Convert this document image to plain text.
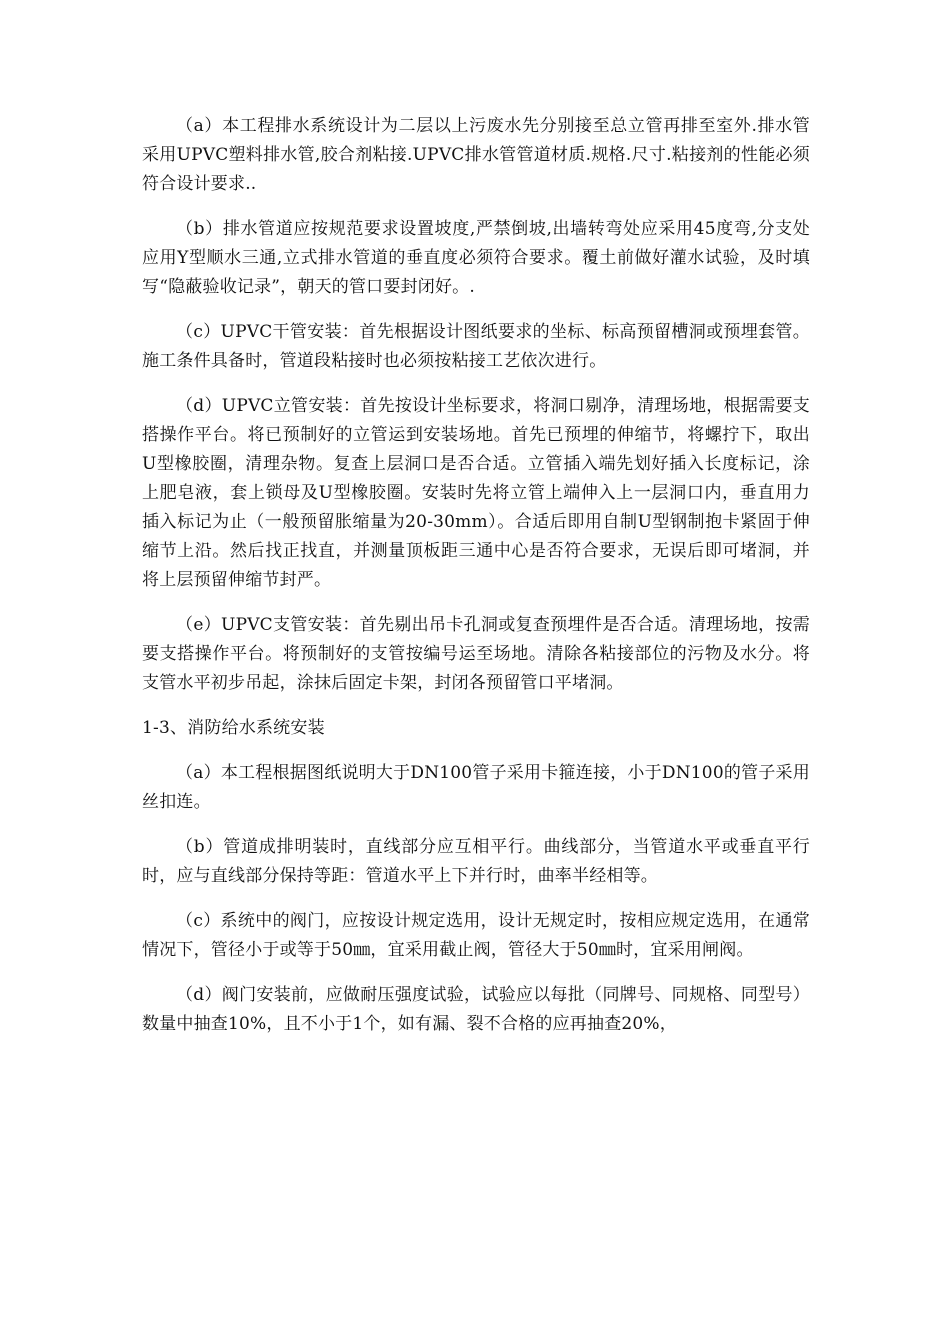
（a）本工程排水系统设计为二层以上污废水先分别接至总立管再排至室外.排水管采用UPVC塑料排水管,胶合剂粘接.UPVC排水管管道材质.规格.尺寸.粘接剂的性能必须符合设计要求..

（b）排水管道应按规范要求设置坡度,严禁倒坡,出墙转弯处应采用45度弯,分支处应用Y型顺水三通,立式排水管道的垂直度必须符合要求。覆土前做好灌水试验，及时填写“隐蔽验收记录”，朝天的管口要封闭好。.

（c）UPVC干管安装：首先根据设计图纸要求的坐标、标高预留槽洞或预埋套管。施工条件具备时，管道段粘接时也必须按粘接工艺依次进行。

（d）UPVC立管安装：首先按设计坐标要求，将洞口剔净，清理场地，根据需要支搭操作平台。将已预制好的立管运到安装场地。首先已预埋的伸缩节，将螺拧下，取出U型橡胶圈，清理杂物。复查上层洞口是否合适。立管插入端先划好插入长度标记，涂上肥皂液，套上锁母及U型橡胶圈。安装时先将立管上端伸入上一层洞口内，垂直用力插入标记为止（一般预留胀缩量为20-30mm）。合适后即用自制U型钢制抱卡紧固于伸缩节上沿。然后找正找直，并测量顶板距三通中心是否符合要求，无误后即可堵洞，并将上层预留伸缩节封严。

（e）UPVC支管安装：首先剔出吊卡孔洞或复查预埋件是否合适。清理场地，按需要支搭操作平台。将预制好的支管按编号运至场地。清除各粘接部位的污物及水分。将支管水平初步吊起，涂抹后固定卡架，封闭各预留管口平堵洞。

1-3、消防给水系统安装

（a）本工程根据图纸说明大于DN100管子采用卡箍连接，小于DN100的管子采用丝扣连。

（b）管道成排明装时，直线部分应互相平行。曲线部分，当管道水平或垂直平行时，应与直线部分保持等距：管道水平上下并行时，曲率半经相等。

（c）系统中的阀门，应按设计规定选用，设计无规定时，按相应规定选用，在通常情况下，管径小于或等于50㎜，宜采用截止阀，管径大于50㎜时，宜采用闸阀。

（d）阀门安装前，应做耐压强度试验，试验应以每批（同牌号、同规格、同型号）数量中抽查10%，且不小于1个，如有漏、裂不合格的应再抽查20%，
